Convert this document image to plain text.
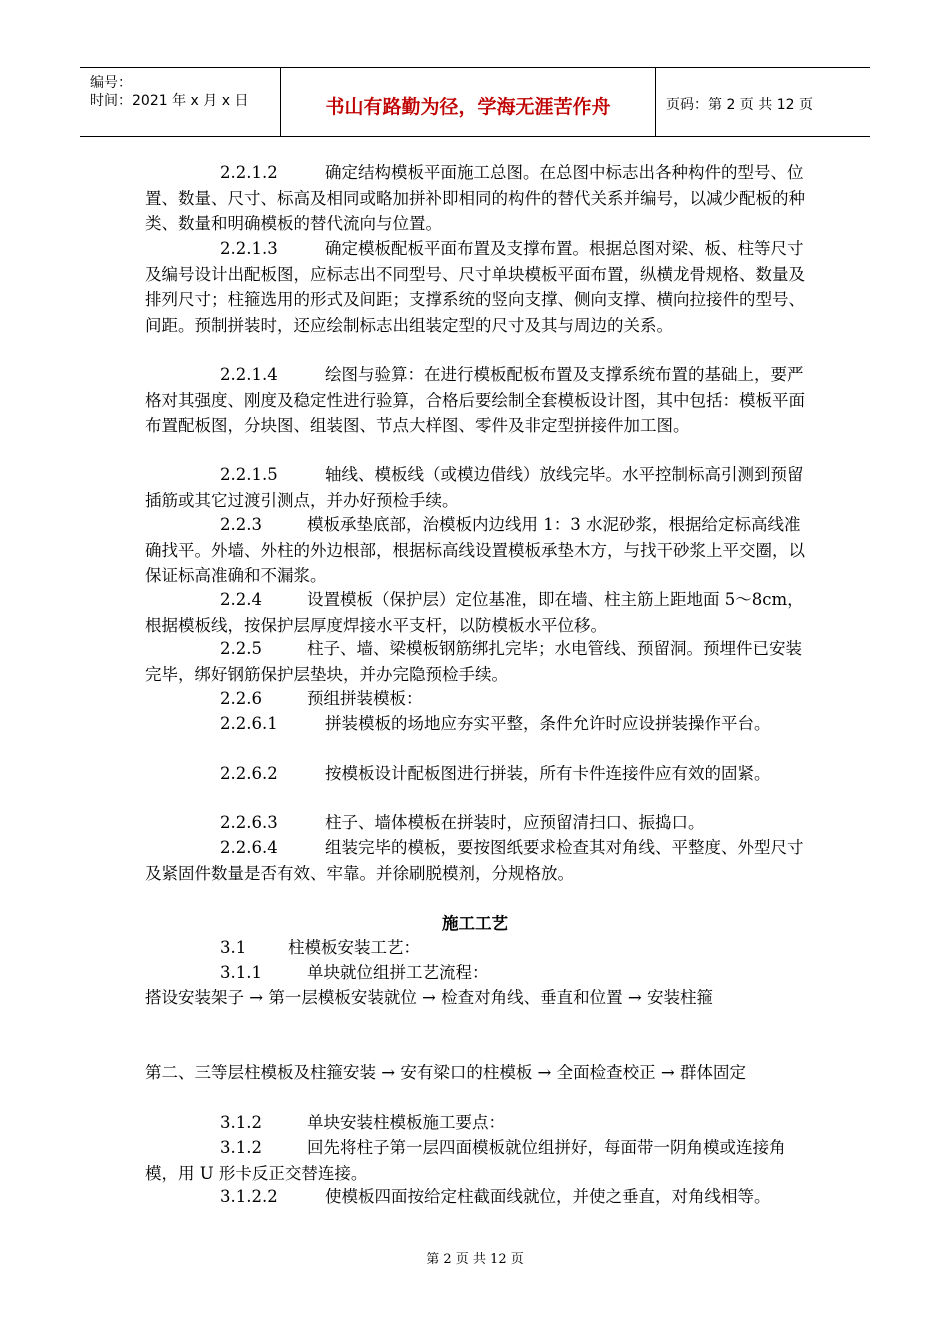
编号：
时间：2021 年 x 月 x 日	书山有路勤为径，学海无涯苦作舟	页码：第 2 页 共 12 页
2.2.1.2	确定结构模板平面施工总图。在总图中标志出各种构件的型号、位置、数量、尺寸、标高及相同或略加拼补即相同的构件的替代关系并编号，以减少配板的种类、数量和明确模板的替代流向与位置。
2.2.1.3	确定模板配板平面布置及支撑布置。根据总图对梁、板、柱等尺寸及编号设计出配板图，应标志出不同型号、尺寸单块模板平面布置，纵横龙骨规格、数量及排列尺寸；柱箍选用的形式及间距；支撑系统的竖向支撑、侧向支撑、横向拉接件的型号、间距。预制拼装时，还应绘制标志出组装定型的尺寸及其与周边的关系。
2.2.1.4	绘图与验算：在进行模板配板布置及支撑系统布置的基础上，要严格对其强度、刚度及稳定性进行验算，合格后要绘制全套模板设计图，其中包括：模板平面布置配板图，分块图、组装图、节点大样图、零件及非定型拼接件加工图。
2.2.1.5	轴线、模板线（或模边借线）放线完毕。水平控制标高引测到预留插筋或其它过渡引测点，并办好预检手续。
2.2.3	模板承垫底部，治模板内边线用 1：3 水泥砂浆，根据给定标高线准确找平。外墙、外柱的外边根部，根据标高线设置模板承垫木方，与找干砂浆上平交圈，以保证标高准确和不漏浆。
2.2.4	设置模板（保护层）定位基准，即在墙、柱主筋上距地面 5～8cm，根据模板线，按保护层厚度焊接水平支杆，以防模板水平位移。
2.2.5	柱子、墙、梁模板钢筋绑扎完毕；水电管线、预留洞。预埋件已安装完毕，绑好钢筋保护层垫块，并办完隐预检手续。
2.2.6	预组拼装模板：
2.2.6.1	拼装模板的场地应夯实平整，条件允许时应设拼装操作平台。
2.2.6.2	按模板设计配板图进行拼装，所有卡件连接件应有效的固紧。
2.2.6.3	柱子、墙体模板在拼装时，应预留清扫口、振捣口。
2.2.6.4	组装完毕的模板，要按图纸要求检查其对角线、平整度、外型尺寸及紧固件数量是否有效、牢靠。并徐刷脱模剂，分规格放。
施工工艺
3.1	柱模板安装工艺：
3.1.1	单块就位组拼工艺流程：
搭设安装架子 → 第一层模板安装就位 → 检查对角线、垂直和位置 → 安装柱箍
第二、三等层柱模板及柱箍安装 → 安有梁口的柱模板 → 全面检查校正 → 群体固定
3.1.2	单块安装柱模板施工要点：
3.1.2	回先将柱子第一层四面模板就位组拼好，每面带一阴角模或连接角模，用 U 形卡反正交替连接。
3.1.2.2	使模板四面按给定柱截面线就位，并使之垂直，对角线相等。
第 2 页 共 12 页
